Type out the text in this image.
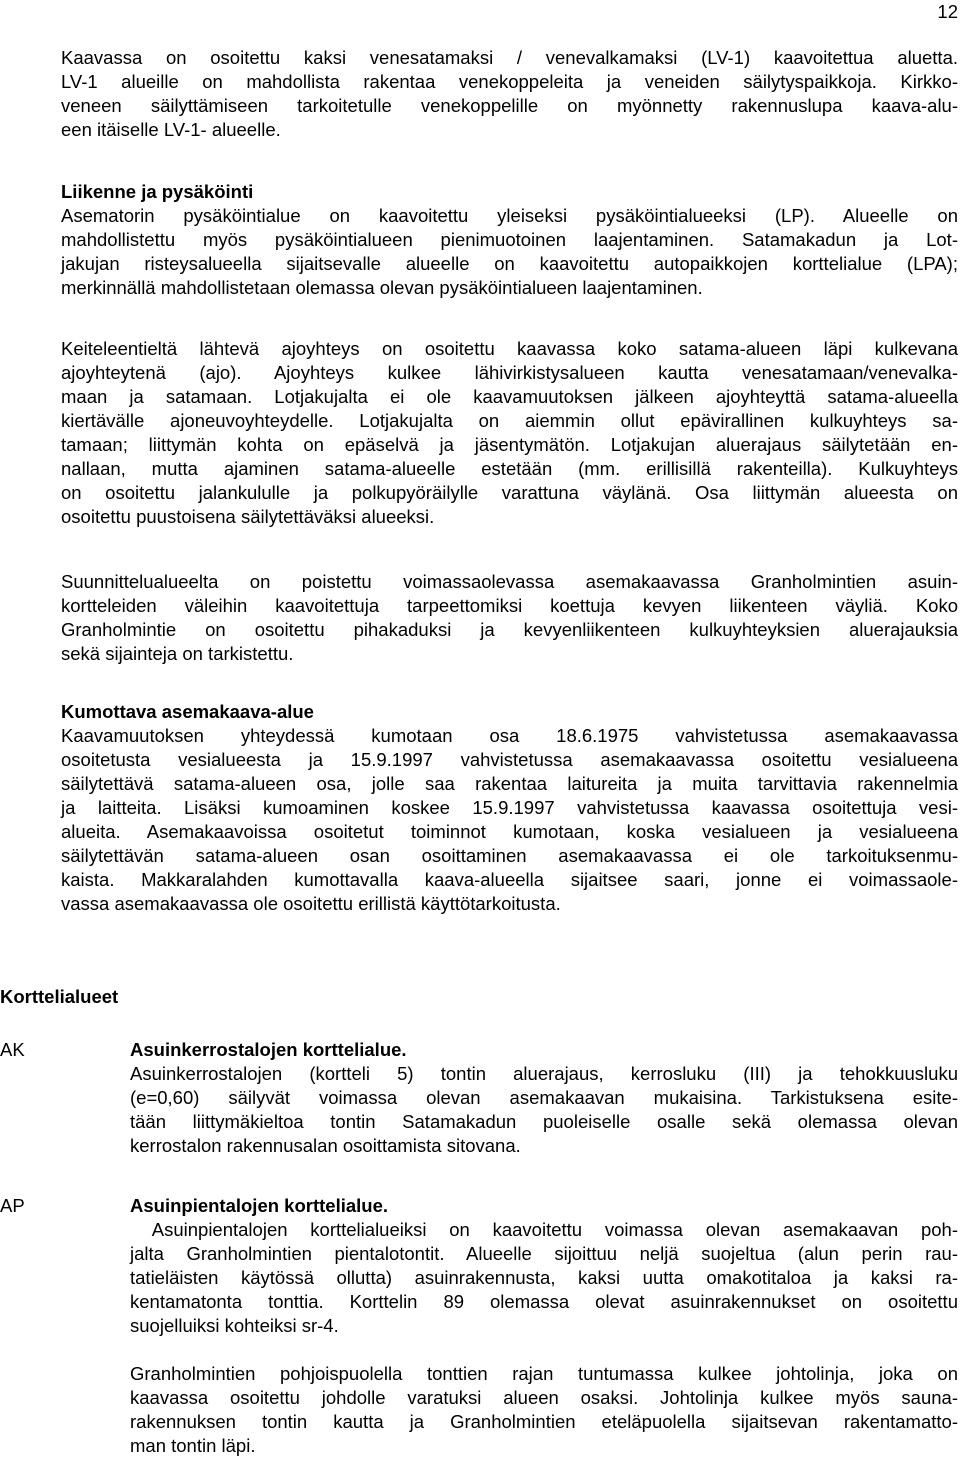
12
Kaavassa on osoitettu kaksi venesatamaksi / venevalkamaksi (LV-1) kaavoitettua aluetta.
LV-1 alueille on mahdollista rakentaa venekoppeleita ja veneiden säilytyspaikkoja. Kirkko-
veneen säilyttämiseen tarkoitetulle venekoppelille on myönnetty rakennuslupa kaava-alu-
een itäiselle LV-1- alueelle.
Liikenne ja pysäköinti
Asematorin pysäköintialue on kaavoitettu yleiseksi pysäköintialueeksi (LP). Alueelle on
mahdollistettu myös pysäköintialueen pienimuotoinen laajentaminen. Satamakadun ja Lot-
jakujan risteysalueella sijaitsevalle alueelle on kaavoitettu autopaikkojen korttelialue (LPA);
merkinnällä mahdollistetaan olemassa olevan pysäköintialueen laajentaminen.
Keiteleentieltä lähtevä ajoyhteys on osoitettu kaavassa koko satama-alueen läpi kulkevana
ajoyhteytenä (ajo). Ajoyhteys kulkee lähivirkistysalueen kautta venesatamaan/venevalka-
maan ja satamaan. Lotjakujalta ei ole kaavamuutoksen jälkeen ajoyhteyttä satama-alueella
kiertävälle ajoneuvoyhteydelle. Lotjakujalta on aiemmin ollut epävirallinen kulkuyhteys sa-
tamaan; liittymän kohta on epäselvä ja jäsentymätön. Lotjakujan aluerajaus säilytetään en-
nallaan, mutta ajaminen satama-alueelle estetään (mm. erillisillä rakenteilla). Kulkuyhteys
on osoitettu jalankululle ja polkupyöräilylle varattuna väylänä. Osa liittymän alueesta on
osoitettu puustoisena säilytettäväksi alueeksi.
Suunnittelualueelta on poistettu voimassaolevassa asemakaavassa Granholmintien asuin-
kortteleiden väleihin kaavoitettuja tarpeettomiksi koettuja kevyen liikenteen väyliä. Koko
Granholmintie on osoitettu pihakaduksi ja kevyenliikenteen kulkuyhteyksien aluerajauksia
sekä sijainteja on tarkistettu.
Kumottava asemakaava-alue
Kaavamuutoksen yhteydessä kumotaan osa 18.6.1975 vahvistetussa asemakaavassa
osoitetusta vesialueesta ja 15.9.1997 vahvistetussa asemakaavassa osoitettu vesialueena
säilytettävä satama-alueen osa, jolle saa rakentaa laitureita ja muita tarvittavia rakennelmia
ja laitteita. Lisäksi kumoaminen koskee 15.9.1997 vahvistetussa kaavassa osoitettuja vesi-
alueita. Asemakaavoissa osoitetut toiminnot kumotaan, koska vesialueen ja vesialueena
säilytettävän satama-alueen osan osoittaminen asemakaavassa ei ole tarkoituksenmu-
kaista. Makkaralahden kumottavalla kaava-alueella sijaitsee saari, jonne ei voimassaole-
vassa asemakaavassa ole osoitettu erillistä käyttötarkoitusta.
Korttelialueet
AK	Asuinkerrostalojen korttelialue.
Asuinkerrostalojen (kortteli 5) tontin aluerajaus, kerrosluku (III) ja tehokkuusluku
(e=0,60) säilyvät voimassa olevan asemakaavan mukaisina. Tarkistuksena esite-
tään liittymäkieltoa tontin Satamakadun puoleiselle osalle sekä olemassa olevan
kerrostalon rakennusalan osoittamista sitovana.
AP	Asuinpientalojen korttelialue.
Asuinpientalojen korttelialueiksi on kaavoitettu voimassa olevan asemakaavan poh-
jalta Granholmintien pientalotontit. Alueelle sijoittuu neljä suojeltua (alun perin rau-
tatieläisten käytössä ollutta) asuinrakennusta, kaksi uutta omakotitaloa ja kaksi ra-
kentamatonta tonttia. Korttelin 89 olemassa olevat asuinrakennukset on osoitettu
suojelluiksi kohteiksi sr-4.
Granholmintien pohjoispuolella tonttien rajan tuntumassa kulkee johtolinja, joka on
kaavassa osoitettu johdolle varatuksi alueen osaksi. Johtolinja kulkee myös sauna-
rakennuksen tontin kautta ja Granholmintien eteläpuolella sijaitsevan rakentamatto-
man tontin läpi.
